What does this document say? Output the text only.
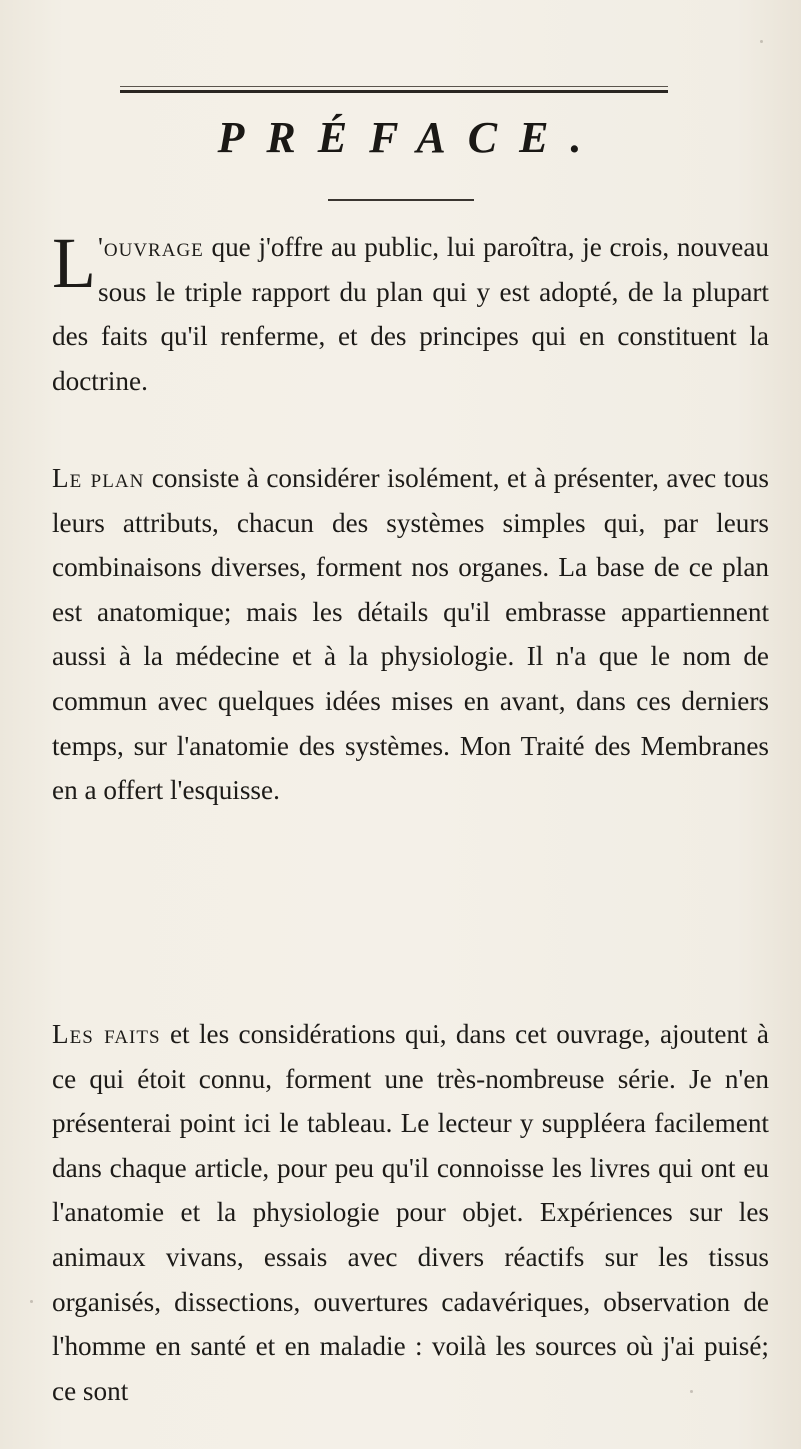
PRÉFACE.
L 'ouvrage que j'offre au public, lui paroîtra, je crois, nouveau sous le triple rapport du plan qui y est adopté, de la plupart des faits qu'il renferme, et des principes qui en constituent la doctrine.
Le plan consiste à considérer isolément, et à présenter, avec tous leurs attributs, chacun des systèmes simples qui, par leurs combinaisons diverses, forment nos organes. La base de ce plan est anatomique; mais les détails qu'il embrasse appartiennent aussi à la médecine et à la physiologie. Il n'a que le nom de commun avec quelques idées mises en avant, dans ces derniers temps, sur l'anatomie des systèmes. Mon Traité des Membranes en a offert l'esquisse.
Les faits et les considérations qui, dans cet ouvrage, ajoutent à ce qui étoit connu, forment une très-nombreuse série. Je n'en présenterai point ici le tableau. Le lecteur y suppléera facilement dans chaque article, pour peu qu'il connoisse les livres qui ont eu l'anatomie et la physiologie pour objet. Expériences sur les animaux vivans, essais avec divers réactifs sur les tissus organisés, dissections, ouvertures cadavériques, observation de l'homme en santé et en maladie : voilà les sources où j'ai puisé; ce sont
